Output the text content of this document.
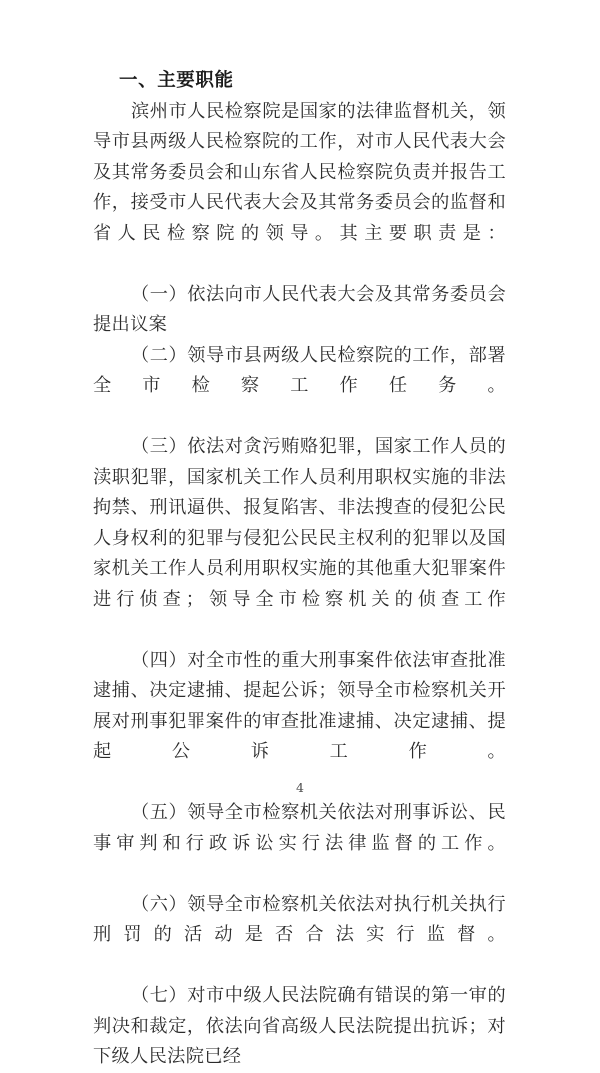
一、主要职能

滨州市人民检察院是国家的法律监督机关，领导市县两级人民检察院的工作，对市人民代表大会及其常务委员会和山东省人民检察院负责并报告工作，接受市人民代表大会及其常务委员会的监督和省人民检察院的领导。其主要职责是：

（一）依法向市人民代表大会及其常务委员会提出议案

（二）领导市县两级人民检察院的工作，部署全市检察工作任务。

（三）依法对贪污贿赂犯罪，国家工作人员的渎职犯罪，国家机关工作人员利用职权实施的非法拘禁、刑讯逼供、报复陷害、非法搜查的侵犯公民人身权利的犯罪与侵犯公民民主权利的犯罪以及国家机关工作人员利用职权实施的其他重大犯罪案件进行侦查；领导全市检察机关的侦查工作

（四）对全市性的重大刑事案件依法审查批准逮捕、决定逮捕、提起公诉；领导全市检察机关开展对刑事犯罪案件的审查批准逮捕、决定逮捕、提起公诉工作。

（五）领导全市检察机关依法对刑事诉讼、民事审判和行政诉讼实行法律监督的工作。

（六）领导全市检察机关依法对执行机关执行刑罚的活动是否合法实行监督。

（七）对市中级人民法院确有错误的第一审的判决和裁定，依法向省高级人民法院提出抗诉；对下级人民法院已经

4
